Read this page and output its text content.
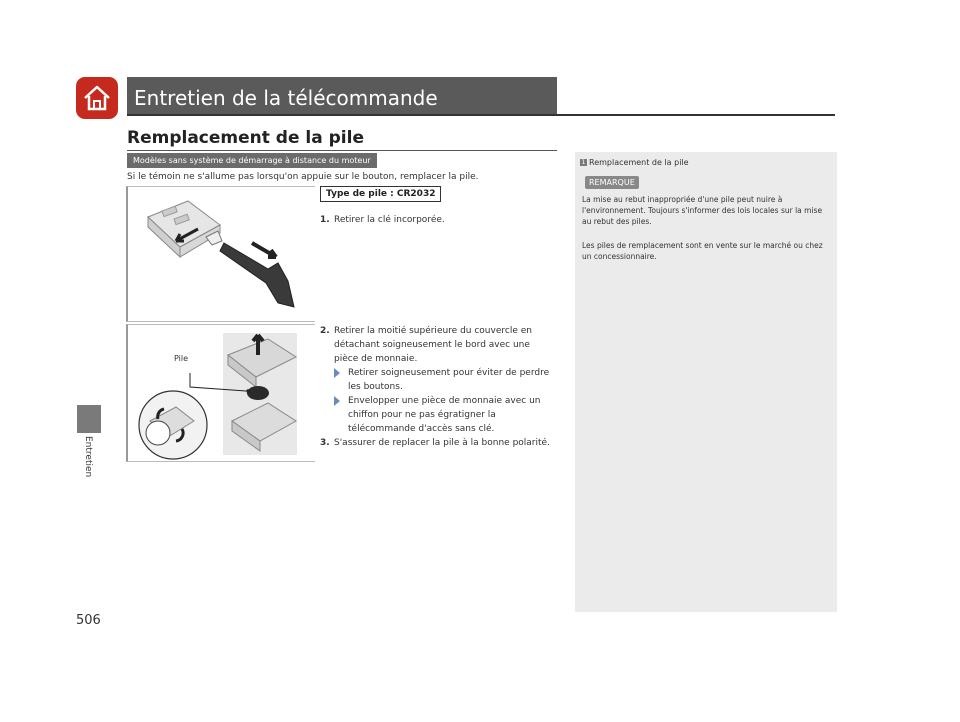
Entretien de la télécommande
Entretien
506
Remplacement de la pile
Modèles sans système de démarrage à distance du moteur
Si le témoin ne s'allume pas lorsqu'on appuie sur le bouton, remplacer la pile.
Type de pile : CR2032
Pile
1. Retirer la clé incorporée.
2. Retirer la moitié supérieure du couvercle en détachant soigneusement le bord avec une pièce de monnaie.
Retirer soigneusement pour éviter de perdre les boutons.
Envelopper une pièce de monnaie avec un chiffon pour ne pas égratigner la télécommande d'accès sans clé.
3. S'assurer de replacer la pile à la bonne polarité.
1 Remplacement de la pile
REMARQUE
La mise au rebut inappropriée d'une pile peut nuire à l'environnement. Toujours s'informer des lois locales sur la mise au rebut des piles.
Les piles de remplacement sont en vente sur le marché ou chez un concessionnaire.
